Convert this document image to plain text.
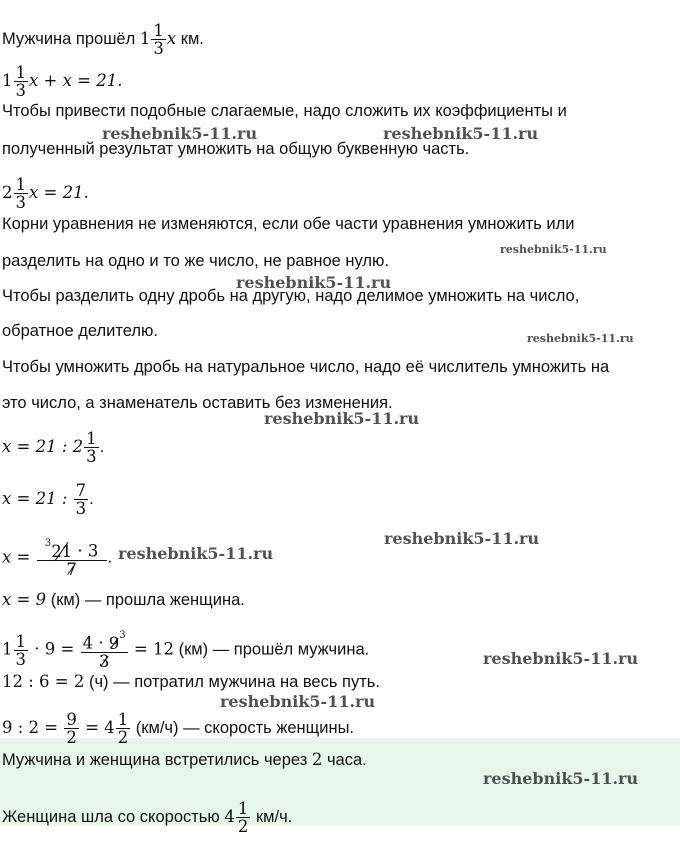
Мужчина прошёл $1 \frac{1}{3}$ x км.
$1 \frac{1}{3}$ x + x = 21.
Чтобы привести подобные слагаемые, надо сложить их коэффициенты и
полученный результат умножить на общую буквенную часть.
$2 \frac{1}{3}$ x = 21.
Корни уравнения не изменяются, если обе части уравнения умножить или
разделить на одно и то же число, не равное нулю.
Чтобы разделить одну дробь на другую, надо делимое умножить на число,
обратное делителю.
Чтобы умножить дробь на натуральное число, надо её числитель умножить на
это число, а знаменатель оставить без изменения.
x = 21 : $2 \frac{1}{3}$ .
x = 21 : $\frac{7}{3}$ .
$x = \frac{^321 \cdot 3}{7}$ .
x = 9 (км) — прошла женщина.
$1 \frac{1}{3} \cdot 9 = \frac{4 \cdot 9^3}{3} = 12$ (км) — прошёл мужчина.
12 : 6 = 2 (ч) — потратил мужчина на весь путь.
9 : $2 = \frac{9}{2} = 4 \frac{1}{2} (км/ч)$ — скорость женщины.
Мужчина и женщина встретились через 2 часа.
Женщина шла со скоростью $4 \frac{1}{2} км/ч$.
reshebnik5-11.ru	reshebnik5-11.ru
reshebnik5-11.ru
reshebnik5-11.ru
reshebnik5-11.ru
reshebnik5-11.ru
reshebnik5-11.ru
reshebnik5-11.ru
reshebnik5-11.ru
reshebnik5-11.ru
reshebnik5-11.ru
